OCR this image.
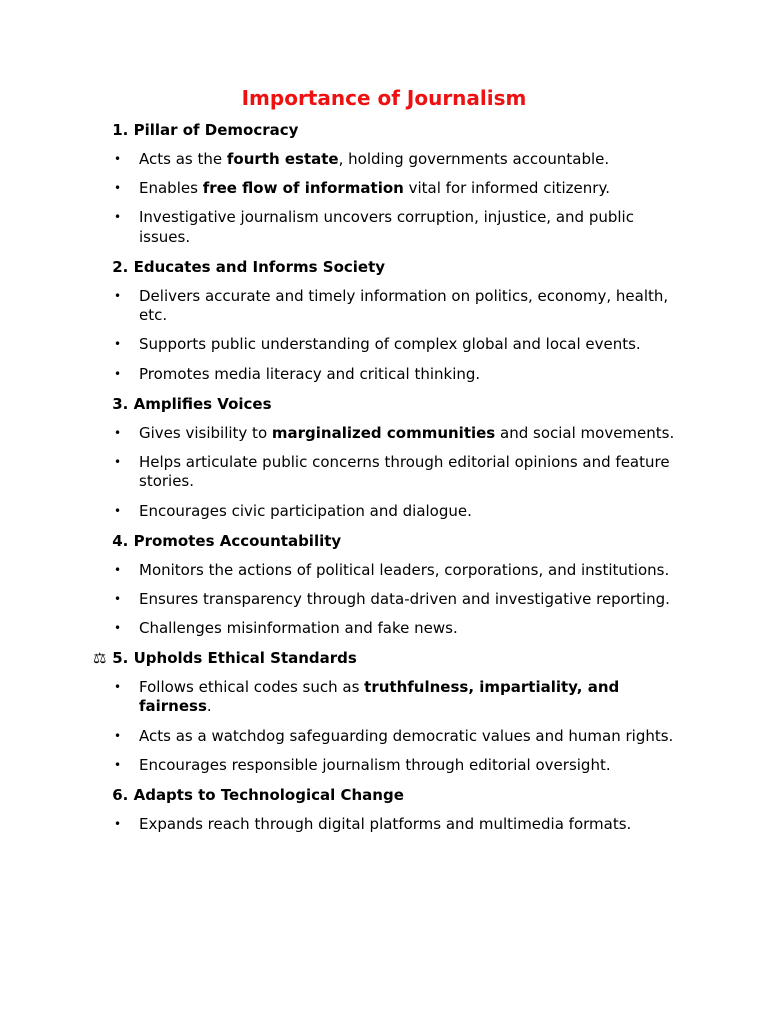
Importance of Journalism
1. Pillar of Democracy
• Acts as the fourth estate, holding governments accountable.
• Enables free flow of information vital for informed citizenry.
• Investigative journalism uncovers corruption, injustice, and public issues.
2. Educates and Informs Society
• Delivers accurate and timely information on politics, economy, health, etc.
• Supports public understanding of complex global and local events.
• Promotes media literacy and critical thinking.
3. Amplifies Voices
• Gives visibility to marginalized communities and social movements.
• Helps articulate public concerns through editorial opinions and feature stories.
• Encourages civic participation and dialogue.
4. Promotes Accountability
• Monitors the actions of political leaders, corporations, and institutions.
• Ensures transparency through data-driven and investigative reporting.
• Challenges misinformation and fake news.
⚖ 5. Upholds Ethical Standards
• Follows ethical codes such as truthfulness, impartiality, and fairness.
• Acts as a watchdog safeguarding democratic values and human rights.
• Encourages responsible journalism through editorial oversight.
6. Adapts to Technological Change
• Expands reach through digital platforms and multimedia formats.
